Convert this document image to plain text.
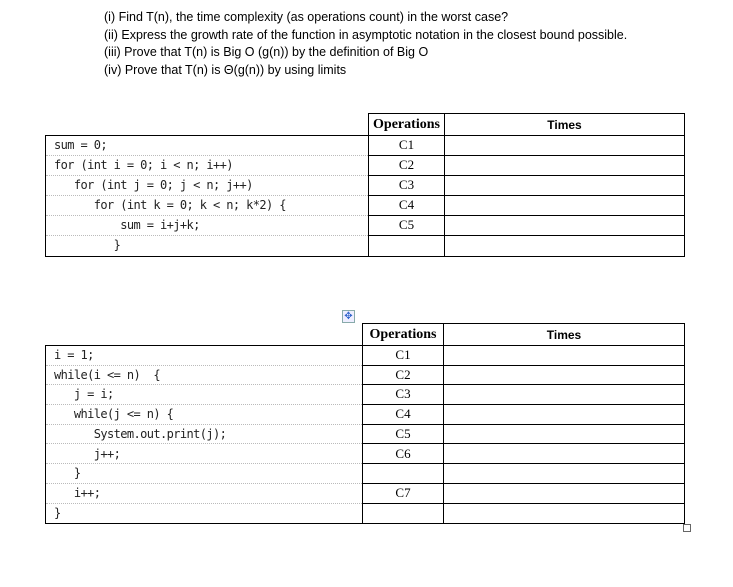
(i) Find T(n), the time complexity (as operations count) in the worst case?
(ii) Express the growth rate of the function in asymptotic notation in the closest bound possible.
(iii) Prove that T(n) is Big O (g(n)) by the definition of Big O
(iv) Prove that T(n) is Θ(g(n)) by using limits
sum = 0;
for (int i = 0; i < n; i++)
for (int j = 0; j < n; j++)
for (int k = 0; k < n; k*2) {
sum = i+j+k;
}
Operations
C1
C2
C3
C4
C5
Times
i = 1;
while(i <= n)  {
j = i;
while(j <= n) {
System.out.print(j);
j++;
}
i++;
}
Operations
C1
C2
C3
C4
C5
C6
C7
Times
✥
